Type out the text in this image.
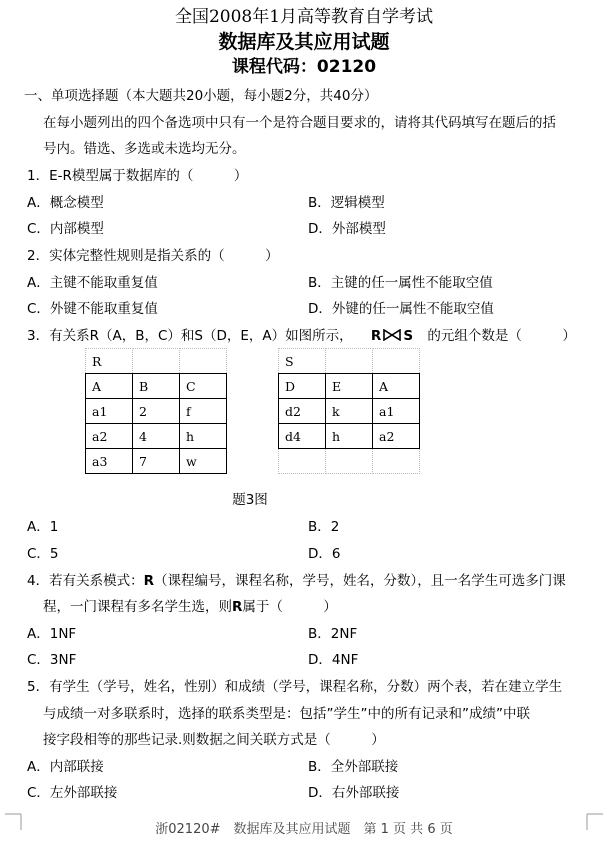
全国2008年1月高等教育自学考试
数据库及其应用试题
课程代码：02120
一、单项选择题（本大题共20小题，每小题2分，共40分）
在每小题列出的四个备选项中只有一个是符合题目要求的，请将其代码填写在题后的括
号内。错选、多选或未选均无分。
1．E-R模型属于数据库的（　　　）
A．概念模型	B．逻辑模型
C．内部模型	D．外部模型
2．实体完整性规则是指关系的（　　　）
A．主键不能取重复值	B．主键的任一属性不能取空值
C．外键不能取重复值	D．外键的任一属性不能取空值
3．有关系R（A，B，C）和S（D，E，A）如图所示， R S 的元组个数是（　　　）
R		
A	B	C
a1	2	f
a2	4	h
a3	7	w
S		
D	E	A
d2	k	a1
d4	h	a2

题3图
A．1	B．2
C．5	D．6
4．若有关系模式：R（课程编号，课程名称，学号，姓名，分数），且一名学生可选多门课
程，一门课程有多名学生选，则R属于（　　　）
A．1NF	B．2NF
C．3NF	D．4NF
5．有学生（学号，姓名，性别）和成绩（学号，课程名称，分数）两个表，若在建立学生
与成绩一对多联系时，选择的联系类型是：包括”学生”中的所有记录和”成绩”中联
接字段相等的那些记录.则数据之间关联方式是（　　　）
A．内部联接	B．全外部联接
C．左外部联接	D．右外部联接
浙02120#　数据库及其应用试题　第 1 页 共 6 页
